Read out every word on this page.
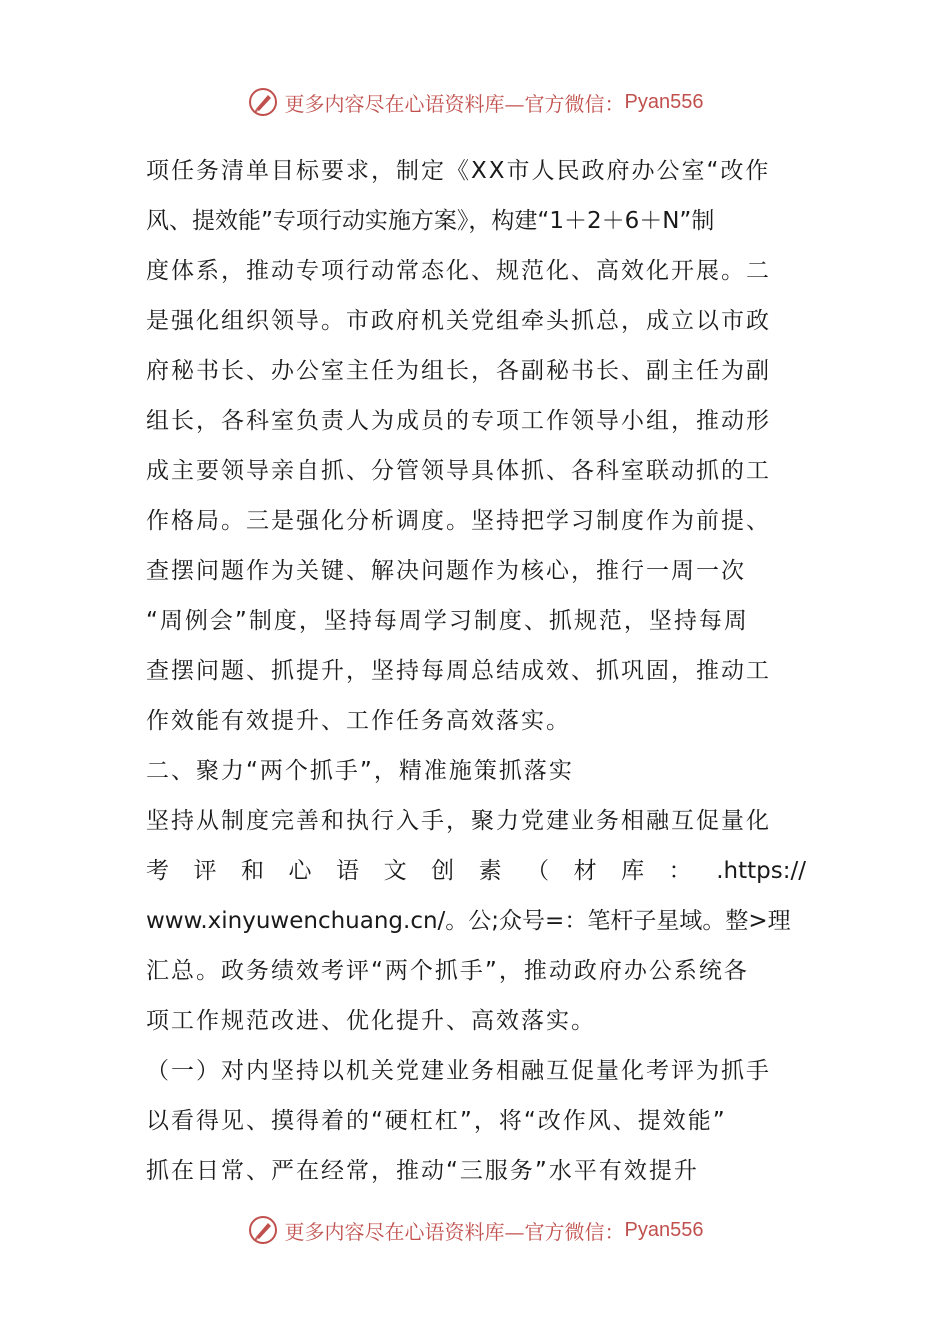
更多内容尽在心语资料库—官方微信： Pyan556
项任务清单目标要求，制定《XX市人民政府办公室“改作
风、提效能”专项行动实施方案》，构建“1＋2＋6＋N”制
度体系，推动专项行动常态化、规范化、高效化开展。二
是强化组织领导。市政府机关党组牵头抓总，成立以市政
府秘书长、办公室主任为组长，各副秘书长、副主任为副
组长，各科室负责人为成员的专项工作领导小组，推动形
成主要领导亲自抓、分管领导具体抓、各科室联动抓的工
作格局。三是强化分析调度。坚持把学习制度作为前提、
查摆问题作为关键、解决问题作为核心，推行一周一次
“周例会”制度，坚持每周学习制度、抓规范，坚持每周
查摆问题、抓提升，坚持每周总结成效、抓巩固，推动工
作效能有效提升、工作任务高效落实。
二、聚力“两个抓手”，精准施策抓落实
坚持从制度完善和执行入手，聚力党建业务相融互促量化
考 评 和 心 语 文 创 素 （ 材 库 ： .https://
www.xinyuwenchuang.cn/。公;众号=：笔杆子星域。整>理
汇总。政务绩效考评“两个抓手”，推动政府办公系统各
项工作规范改进、优化提升、高效落实。
（一）对内坚持以机关党建业务相融互促量化考评为抓手
以看得见、摸得着的“硬杠杠”，将“改作风、提效能”
抓在日常、严在经常，推动“三服务”水平有效提升
更多内容尽在心语资料库—官方微信： Pyan556
